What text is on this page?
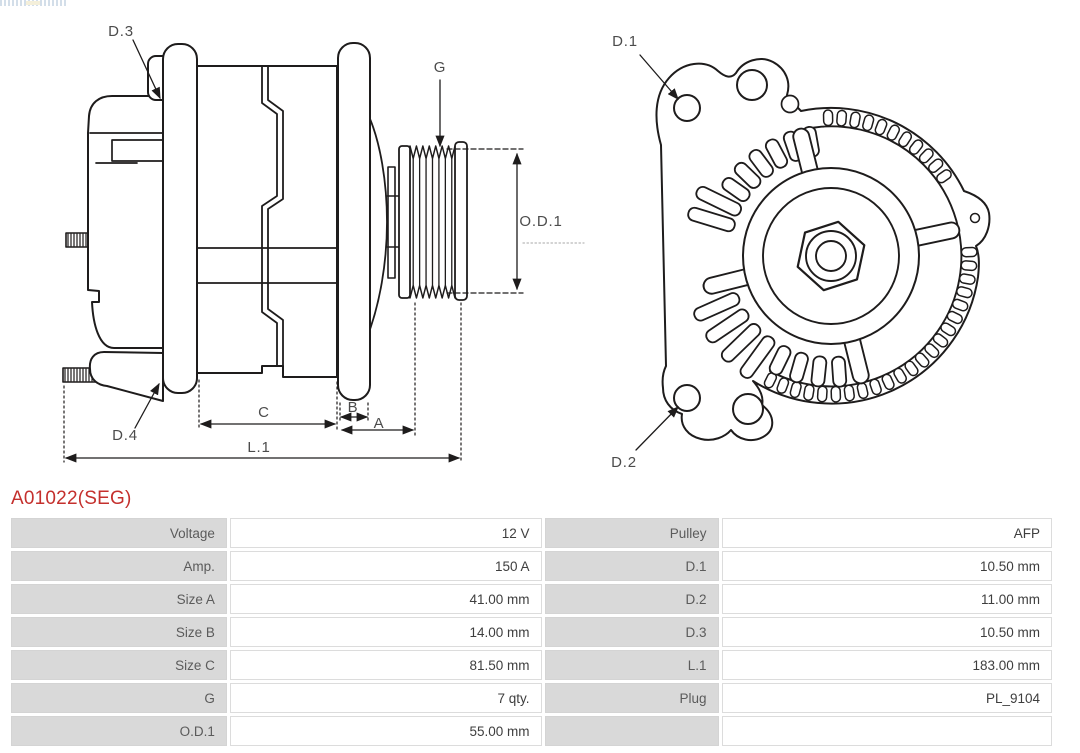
D.3
G
O.D.1
D.4
C	B
A
L.1
D.1
D.2
A01022(SEG)
Voltage	12 V	Pulley	AFP
Amp.	150 A	D.1	10.50 mm
Size A	41.00 mm	D.2	11.00 mm
Size B	14.00 mm	D.3	10.50 mm
Size C	81.50 mm	L.1	183.00 mm
G	7 qty.	Plug	PL_9104
O.D.1	55.00 mm		
